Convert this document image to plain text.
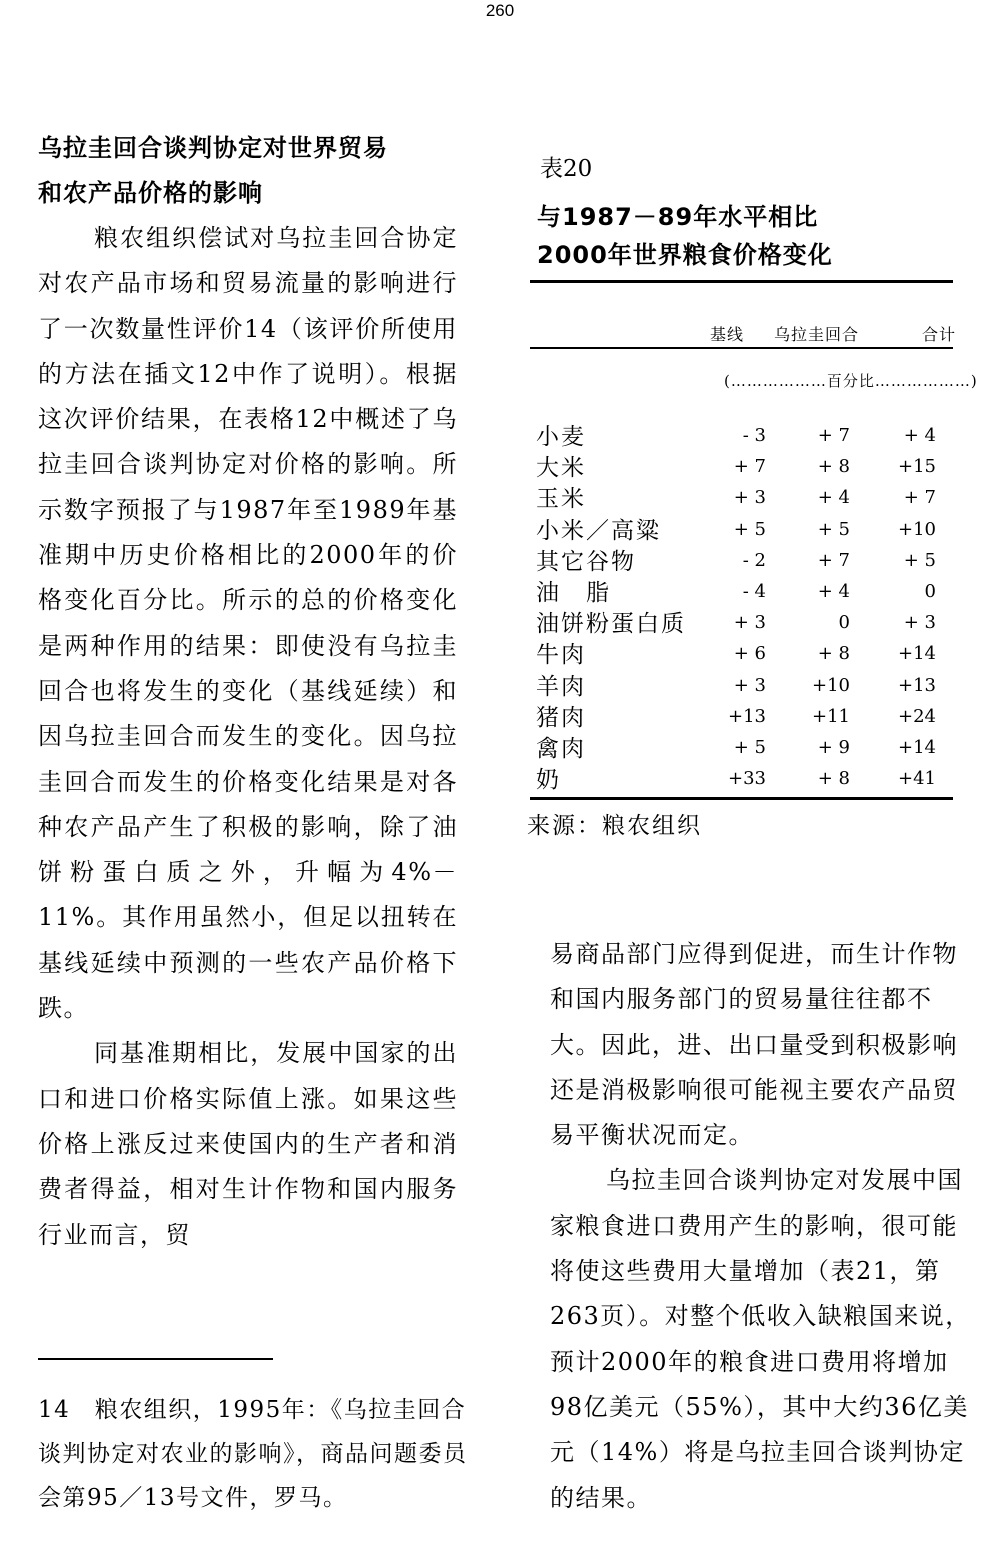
260
乌拉圭回合谈判协定对世界贸易
和农产品价格的影响

粮农组织偿试对乌拉圭回合协定对农产品市场和贸易流量的影响进行了一次数量性评价14（该评价所使用的方法在插文12中作了说明）。根据这次评价结果，在表格12中概述了乌拉圭回合谈判协定对价格的影响。所示数字预报了与1987年至1989年基准期中历史价格相比的2000年的价格变化百分比。所示的总的价格变化是两种作用的结果：即使没有乌拉圭回合也将发生的变化（基线延续）和因乌拉圭回合而发生的变化。因乌拉圭回合而发生的价格变化结果是对各种农产品产生了积极的影响，除了油饼粉蛋白质之外，升幅为4%－11%。其作用虽然小，但足以扭转在基线延续中预测的一些农产品价格下跌。

同基准期相比，发展中国家的出口和进口价格实际值上涨。如果这些价格上涨反过来使国内的生产者和消费者得益，相对生计作物和国内服务行业而言，贸

14　粮农组织，1995年：《乌拉圭回合谈判协定对农业的影响》，商品问题委员会第95／13号文件，罗马。

表20
与1987－89年水平相比
2000年世界粮食价格变化
基线 乌拉圭回合	合计
(………………百分比………………)
小麦	- 3	+ 7	+ 4
大米	+ 7	+ 8	+15
玉米	+ 3	+ 4	+ 7
小米／高粱	+ 5	+ 5	+10
其它谷物	- 2	+ 7	+ 5
油　脂	- 4	+ 4	0
油饼粉蛋白质	+ 3	0	+ 3
牛肉	+ 6	+ 8	+14
羊肉	+ 3	+10	+13
猪肉	+13	+11	+24
禽肉	+ 5	+ 9	+14
奶	+33	+ 8	+41
来源：粮农组织

易商品部门应得到促进，而生计作物和国内服务部门的贸易量往往都不大。因此，进、出口量受到积极影响还是消极影响很可能视主要农产品贸易平衡状况而定。

乌拉圭回合谈判协定对发展中国家粮食进口费用产生的影响，很可能将使这些费用大量增加（表21，第263页）。对整个低收入缺粮国来说，预计2000年的粮食进口费用将增加98亿美元（55%），其中大约36亿美元（14%）将是乌拉圭回合谈判协定的结果。
